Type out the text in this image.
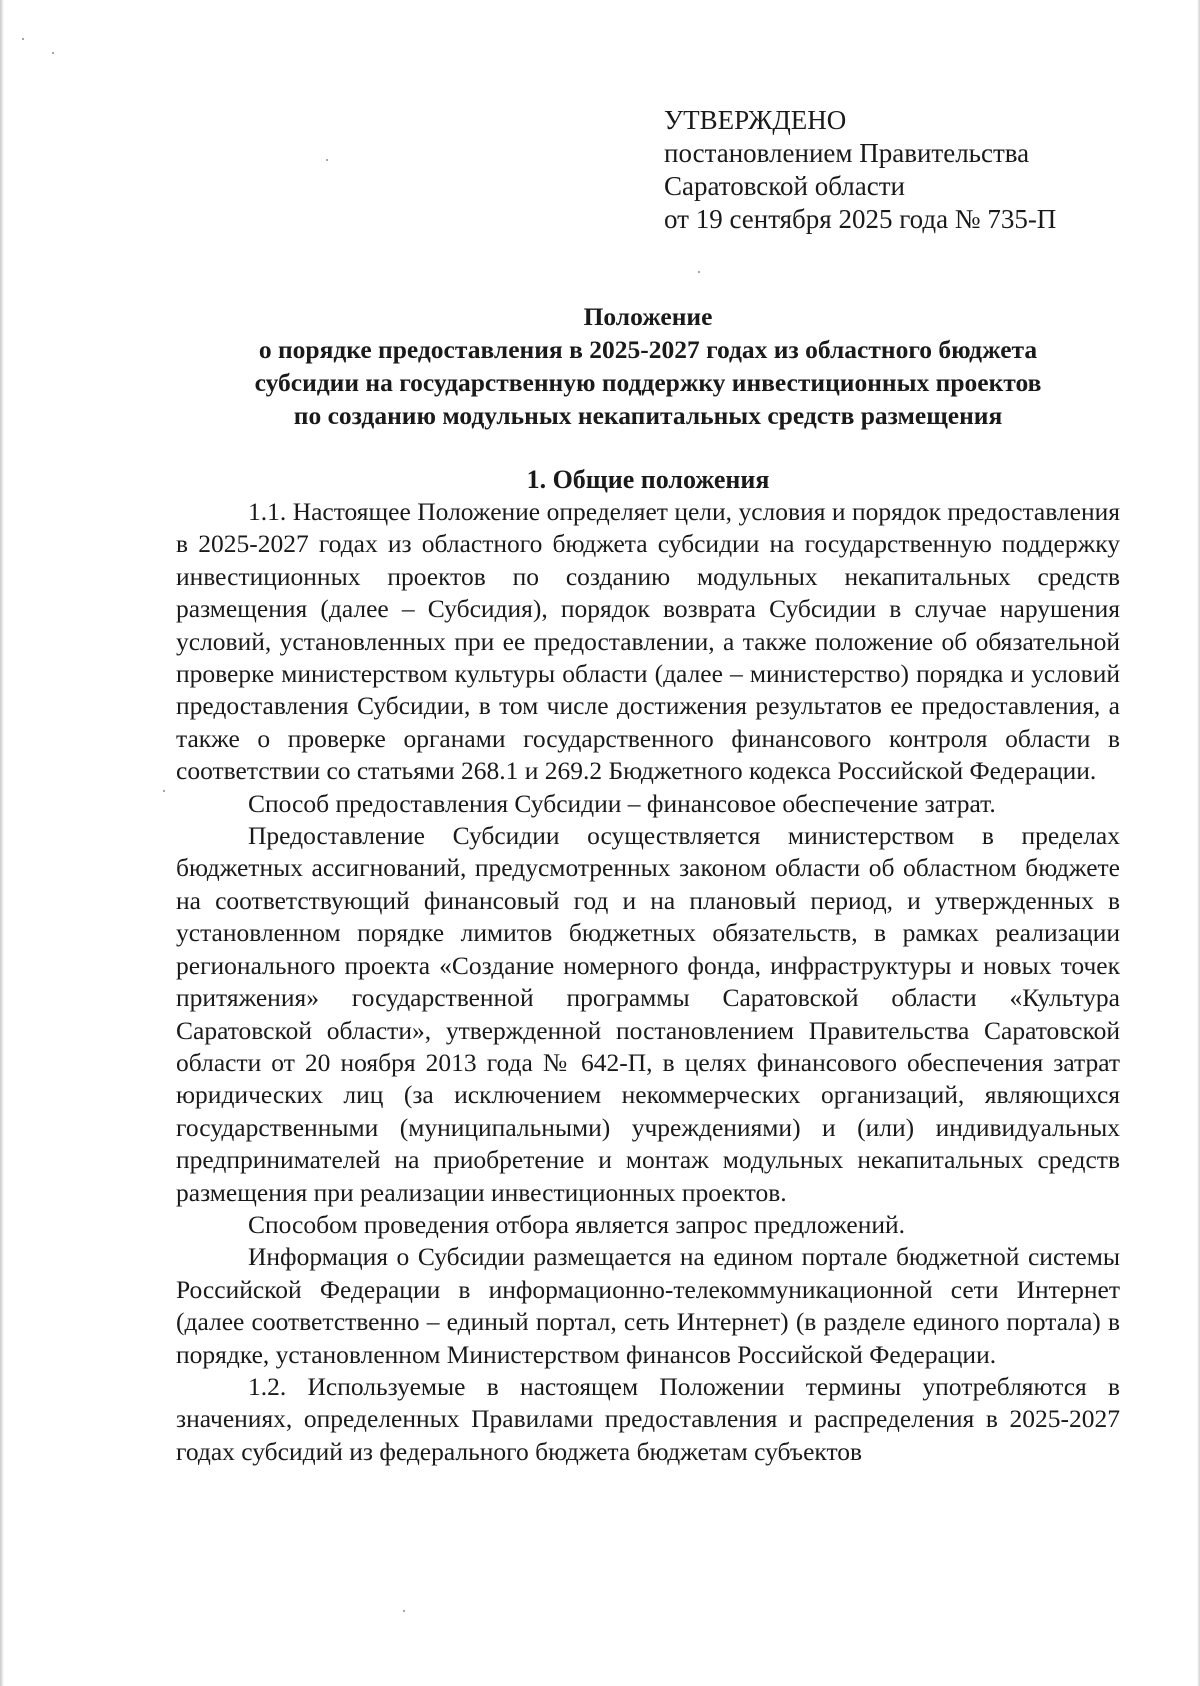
УТВЕРЖДЕНО
постановлением Правительства
Саратовской области
от 19 сентября 2025 года № 735-П
Положение
о порядке предоставления в 2025-2027 годах из областного бюджета
субсидии на государственную поддержку инвестиционных проектов
по созданию модульных некапитальных средств размещения
1. Общие положения

1.1. Настоящее Положение определяет цели, условия и порядок предоставления в 2025-2027 годах из областного бюджета субсидии на государственную поддержку инвестиционных проектов по созданию модульных некапитальных средств размещения (далее – Субсидия), порядок возврата Субсидии в случае нарушения условий, установленных при ее предоставлении, а также положение об обязательной проверке министерством культуры области (далее – министерство) порядка и условий предоставления Субсидии, в том числе достижения результатов ее предоставления, а также о проверке органами государственного финансового контроля области в соответствии со статьями 268.1 и 269.2 Бюджетного кодекса Российской Федерации.

Способ предоставления Субсидии – финансовое обеспечение затрат.

Предоставление Субсидии осуществляется министерством в пределах бюджетных ассигнований, предусмотренных законом области об областном бюджете на соответствующий финансовый год и на плановый период, и утвержденных в установленном порядке лимитов бюджетных обязательств, в рамках реализации регионального проекта «Создание номерного фонда, инфраструктуры и новых точек притяжения» государственной программы Саратовской области «Культура Саратовской области», утвержденной постановлением Правительства Саратовской области от 20 ноября 2013 года № 642-П, в целях финансового обеспечения затрат юридических лиц (за исключением некоммерческих организаций, являющихся государственными (муниципальными) учреждениями) и (или) индивидуальных предпринимателей на приобретение и монтаж модульных некапитальных средств размещения при реализации инвестиционных проектов.

Способом проведения отбора является запрос предложений.

Информация о Субсидии размещается на едином портале бюджетной системы Российской Федерации в информационно-телекоммуникационной сети Интернет (далее соответственно – единый портал, сеть Интернет) (в разделе единого портала) в порядке, установленном Министерством финансов Российской Федерации.

1.2. Используемые в настоящем Положении термины употребляются в значениях, определенных Правилами предоставления и распределения в 2025-2027 годах субсидий из федерального бюджета бюджетам субъектов
